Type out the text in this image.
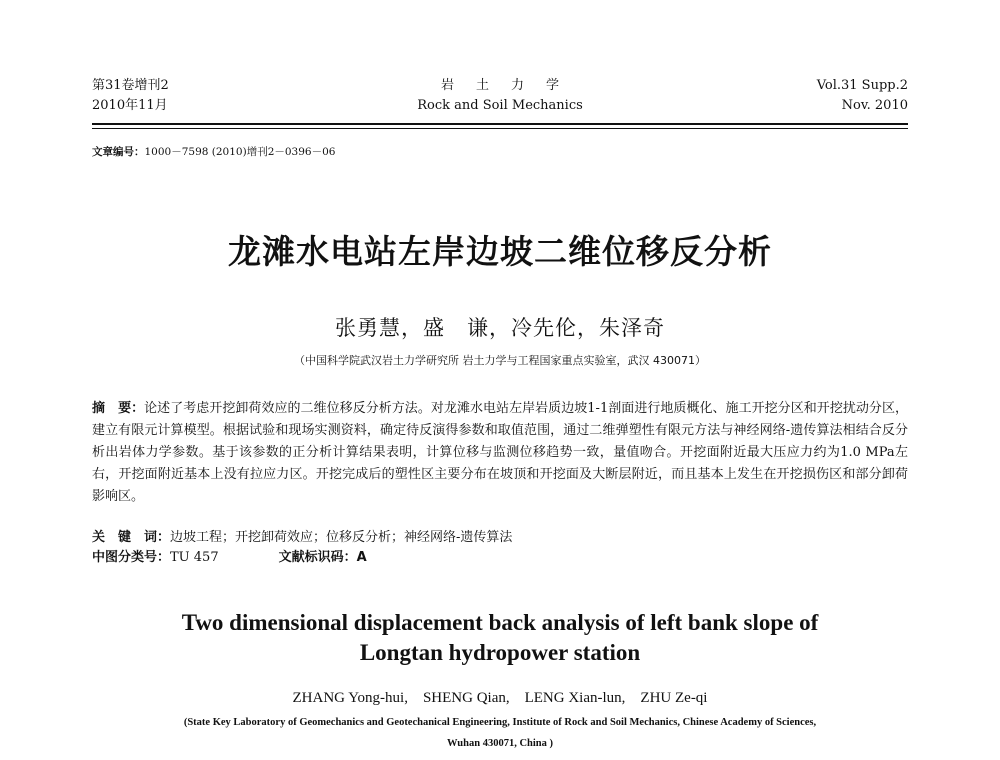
第31卷增刊2
2010年11月
岩土力学
Rock and Soil Mechanics
Vol.31 Supp.2
Nov. 2010
文章编号：1000－7598 (2010)增刊2－0396－06
龙滩水电站左岸边坡二维位移反分析
张勇慧，盛　谦，冷先伦，朱泽奇
（中国科学院武汉岩土力学研究所 岩土力学与工程国家重点实验室，武汉 430071）
摘　要：论述了考虑开挖卸荷效应的二维位移反分析方法。对龙滩水电站左岸岩质边坡1-1剖面进行地质概化、施工开挖分区和开挖扰动分区，建立有限元计算模型。根据试验和现场实测资料，确定待反演得参数和取值范围，通过二维弹塑性有限元方法与神经网络-遗传算法相结合反分析出岩体力学参数。基于该参数的正分析计算结果表明，计算位移与监测位移趋势一致，量值吻合。开挖面附近最大压应力约为1.0 MPa左右，开挖面附近基本上没有拉应力区。开挖完成后的塑性区主要分布在坡顶和开挖面及大断层附近，而且基本上发生在开挖损伤区和部分卸荷影响区。
关　键　词：边坡工程；开挖卸荷效应；位移反分析；神经网络-遗传算法
中图分类号：TU 457	文献标识码：A
Two dimensional displacement back analysis of left bank slope of
Longtan hydropower station
ZHANG Yong-hui,　SHENG Qian,　LENG Xian-lun,　ZHU Ze-qi
(State Key Laboratory of Geomechanics and Geotechanical Engineering, Institute of Rock and Soil Mechanics, Chinese Academy of Sciences,
Wuhan 430071, China )
